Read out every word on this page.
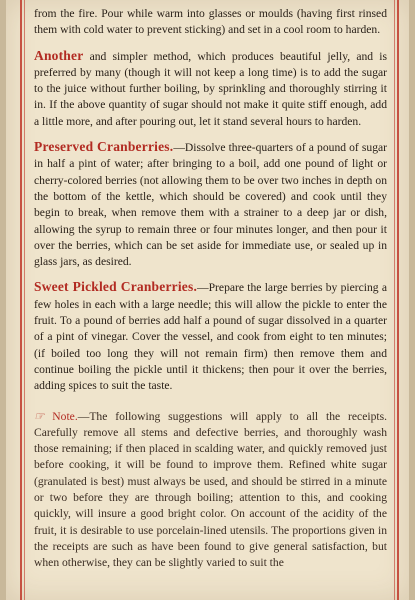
from the fire. Pour while warm into glasses or moulds (having first rinsed them with cold water to prevent sticking) and set in a cool room to harden.

Another and simpler method, which produces beautiful jelly, and is preferred by many (though it will not keep a long time) is to add the sugar to the juice without further boiling, by sprinkling and thoroughly stirring it in. If the above quantity of sugar should not make it quite stiff enough, add a little more, and after pouring out, let it stand several hours to harden.

Preserved Cranberries.—Dissolve three-quarters of a pound of sugar in half a pint of water; after bringing to a boil, add one pound of light or cherry-colored berries (not allowing them to be over two inches in depth on the bottom of the kettle, which should be covered) and cook until they begin to break, when remove them with a strainer to a deep jar or dish, allowing the syrup to remain three or four minutes longer, and then pour it over the berries, which can be set aside for immediate use, or sealed up in glass jars, as desired.

Sweet Pickled Cranberries.—Prepare the large berries by piercing a few holes in each with a large needle; this will allow the pickle to enter the fruit. To a pound of berries add half a pound of sugar dissolved in a quarter of a pint of vinegar. Cover the vessel, and cook from eight to ten minutes; (if boiled too long they will not remain firm) then remove them and continue boiling the pickle until it thickens; then pour it over the berries, adding spices to suit the taste.

☞ Note.—The following suggestions will apply to all the receipts. Carefully remove all stems and defective berries, and thoroughly wash those remaining; if then placed in scalding water, and quickly removed just before cooking, it will be found to improve them. Refined white sugar (granulated is best) must always be used, and should be stirred in a minute or two before they are through boiling; attention to this, and cooking quickly, will insure a good bright color. On account of the acidity of the fruit, it is desirable to use porcelain-lined utensils. The proportions given in the receipts are such as have been found to give general satisfaction, but when otherwise, they can be slightly varied to suit the
